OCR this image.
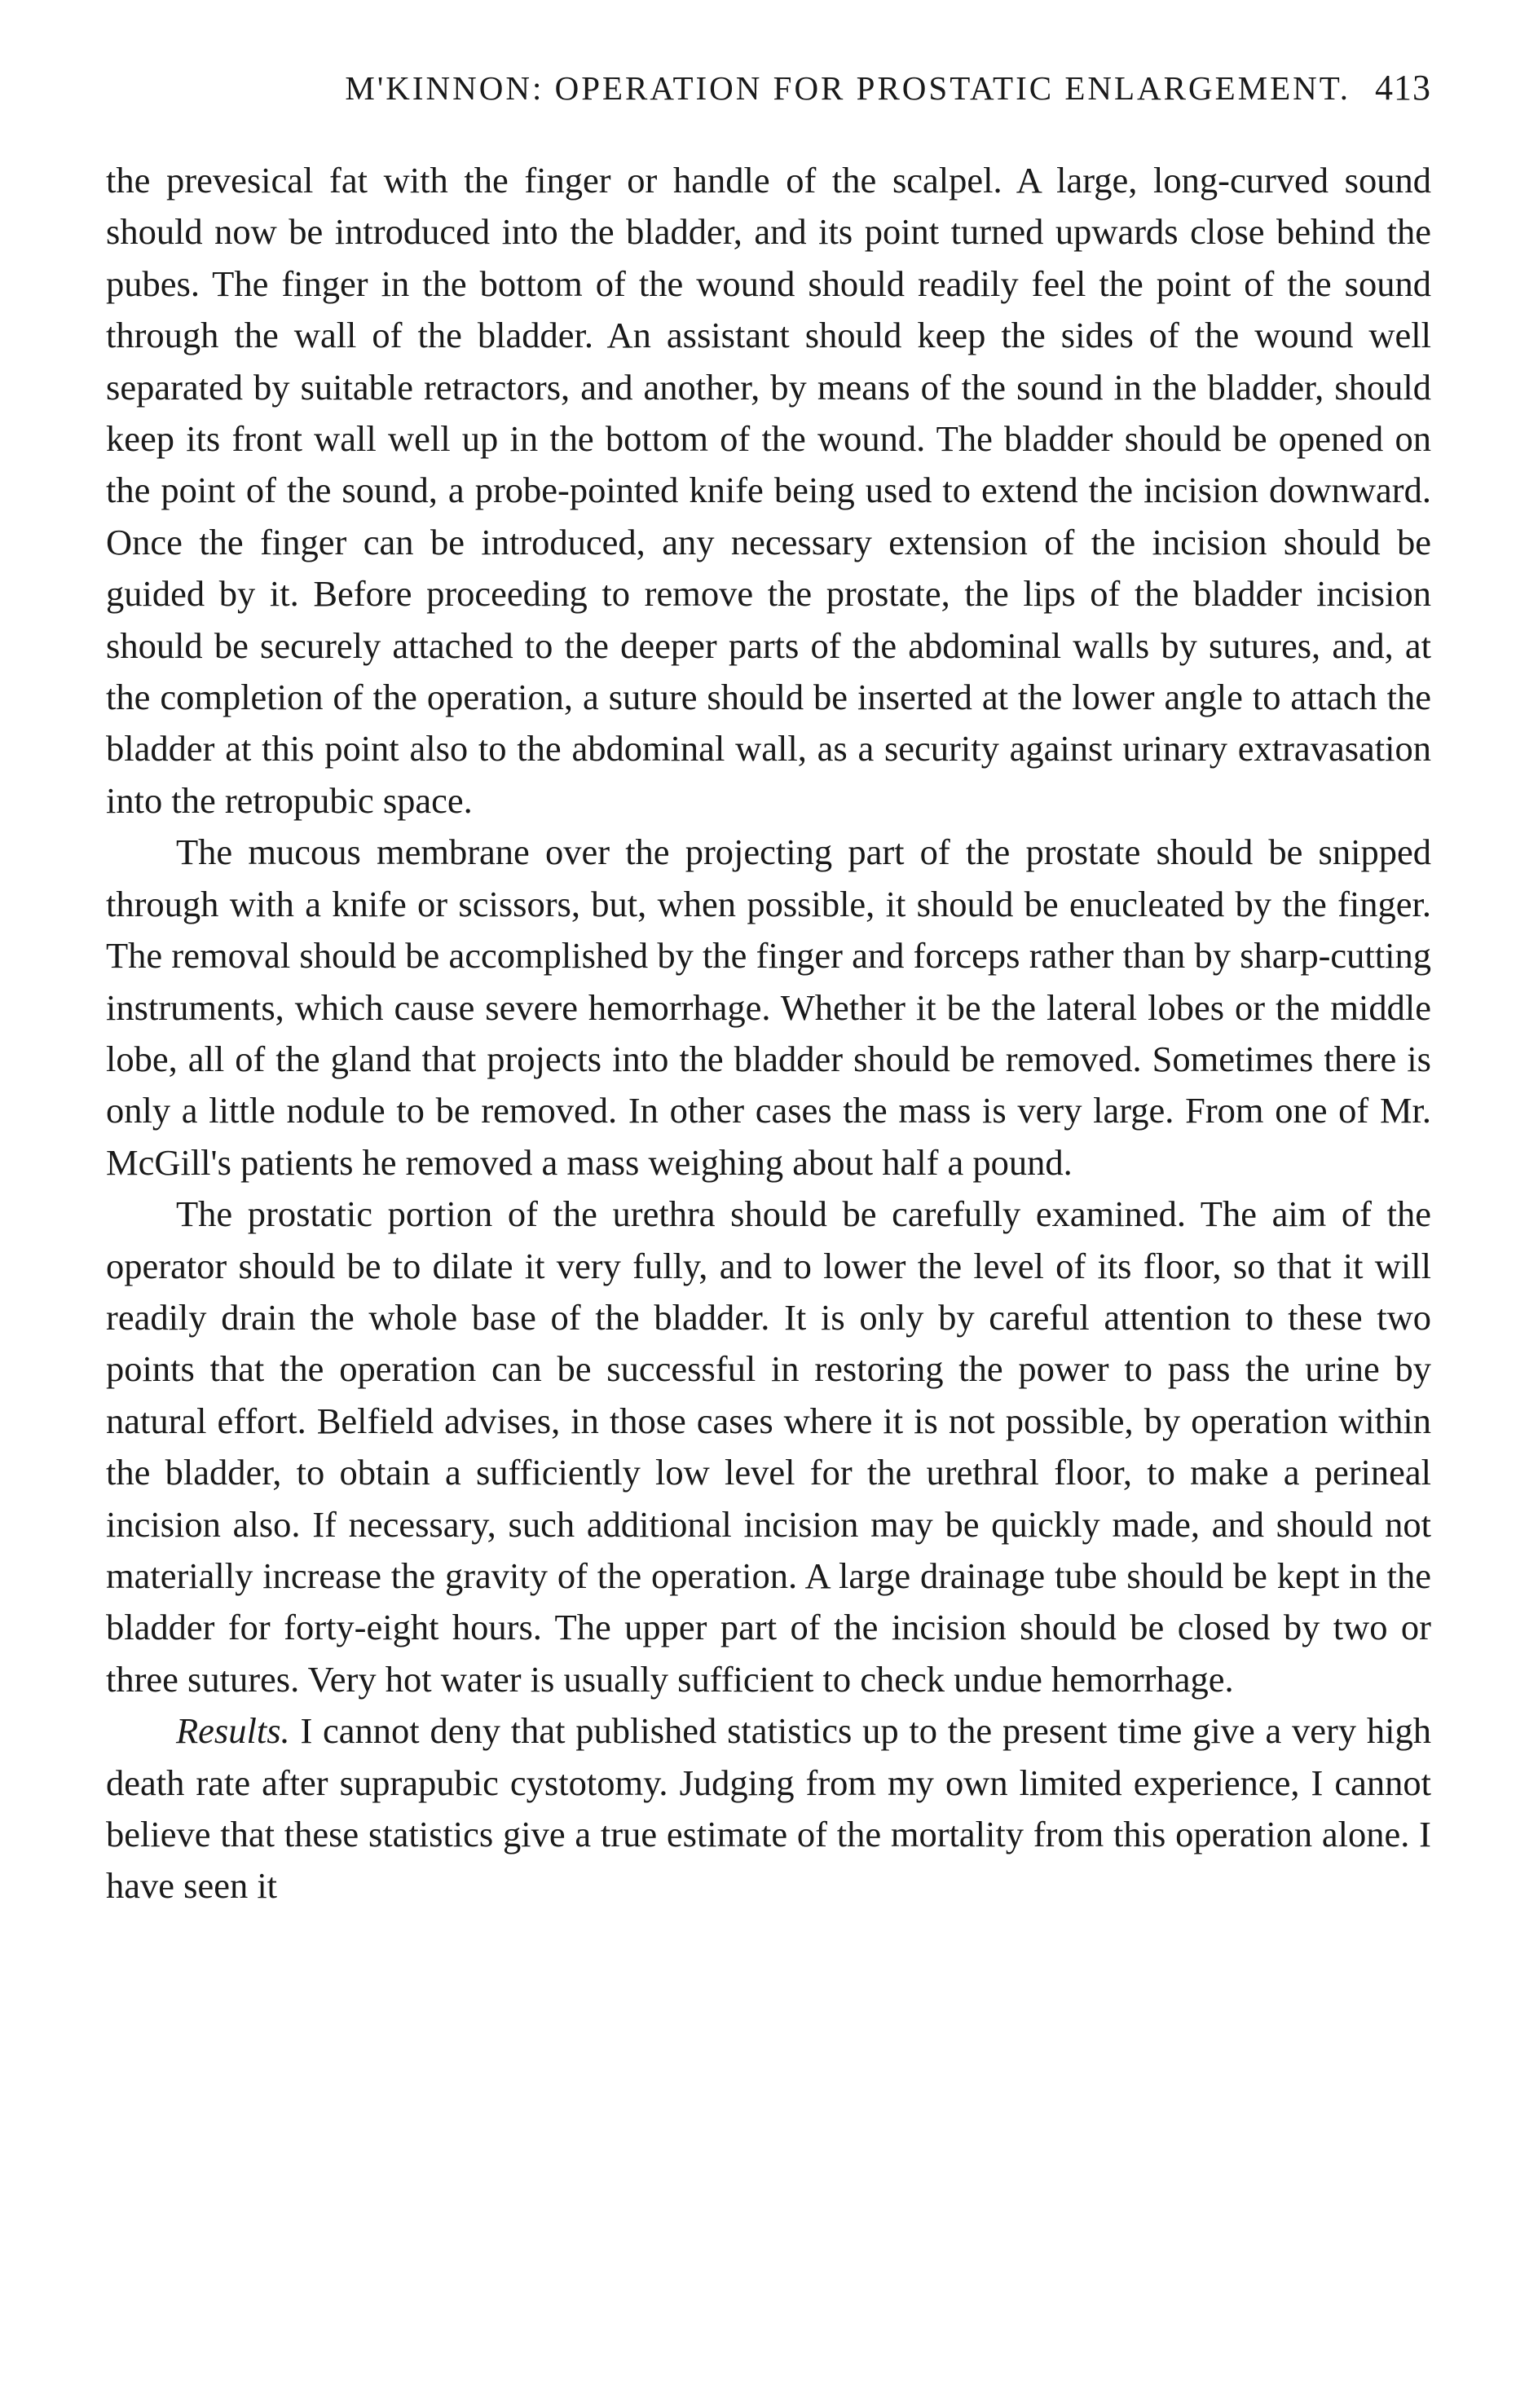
M'KINNON: OPERATION FOR PROSTATIC ENLARGEMENT. 413

the prevesical fat with the finger or handle of the scalpel. A large, long-curved sound should now be introduced into the bladder, and its point turned upwards close behind the pubes. The finger in the bottom of the wound should readily feel the point of the sound through the wall of the bladder. An assistant should keep the sides of the wound well separated by suitable retractors, and another, by means of the sound in the bladder, should keep its front wall well up in the bottom of the wound. The bladder should be opened on the point of the sound, a probe-pointed knife being used to extend the incision downward. Once the finger can be introduced, any necessary extension of the incision should be guided by it. Before proceeding to remove the prostate, the lips of the bladder incision should be securely attached to the deeper parts of the abdominal walls by sutures, and, at the completion of the operation, a suture should be inserted at the lower angle to attach the bladder at this point also to the abdominal wall, as a security against urinary extravasation into the retropubic space.

The mucous membrane over the projecting part of the prostate should be snipped through with a knife or scissors, but, when possible, it should be enucleated by the finger. The removal should be accomplished by the finger and forceps rather than by sharp-cutting instruments, which cause severe hemorrhage. Whether it be the lateral lobes or the middle lobe, all of the gland that projects into the bladder should be removed. Sometimes there is only a little nodule to be removed. In other cases the mass is very large. From one of Mr. McGill's patients he removed a mass weighing about half a pound.

The prostatic portion of the urethra should be carefully examined. The aim of the operator should be to dilate it very fully, and to lower the level of its floor, so that it will readily drain the whole base of the bladder. It is only by careful attention to these two points that the operation can be successful in restoring the power to pass the urine by natural effort. Belfield advises, in those cases where it is not possible, by operation within the bladder, to obtain a sufficiently low level for the urethral floor, to make a perineal incision also. If necessary, such additional incision may be quickly made, and should not materially increase the gravity of the operation. A large drainage tube should be kept in the bladder for forty-eight hours. The upper part of the incision should be closed by two or three sutures. Very hot water is usually sufficient to check undue hemorrhage.

Results. I cannot deny that published statistics up to the present time give a very high death rate after suprapubic cystotomy. Judging from my own limited experience, I cannot believe that these statistics give a true estimate of the mortality from this operation alone. I have seen it
